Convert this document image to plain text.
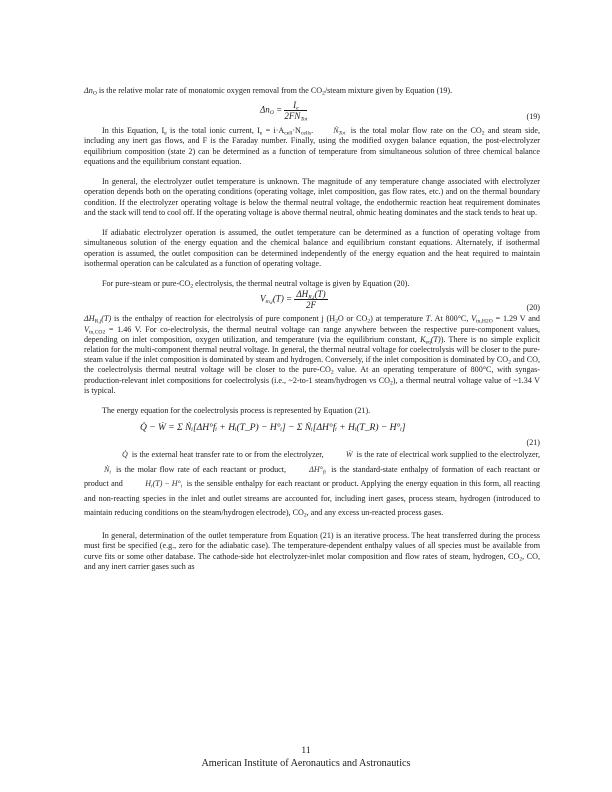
$\Delta n_O$ is the relative molar rate of monatomic oxygen removal from the $CO_2$/steam mixture given by Equation (19).

$\Delta n_O = \frac{I_e}{2FN_{Tot}}$	(19)

In this Equation, $I_e$ is the total ionic current, $I_e = i\cdot A_{cell}\cdot N_{cells}$.	Ṅ$_{Tot}$ is the total molar flow rate on the $CO_2$ and steam side, including any inert gas flows, and F is the Faraday number. Finally, using the modified oxygen balance equation, the post-electrolyzer equilibrium composition (state 2) can be determined as a function of temperature from simultaneous solution of three chemical balance equations and the equilibrium constant equation.

In general, the electrolyzer outlet temperature is unknown. The magnitude of any temperature change associated with electrolyzer operation depends both on the operating conditions (operating voltage, inlet composition, gas flow rates, etc.) and on the thermal boundary condition. If the electrolyzer operating voltage is below the thermal neutral voltage, the endothermic reaction heat requirement dominates and the stack will tend to cool off. If the operating voltage is above thermal neutral, ohmic heating dominates and the stack tends to heat up.

If adiabatic electrolyzer operation is assumed, the outlet temperature can be determined as a function of operating voltage from simultaneous solution of the energy equation and the chemical balance and equilibrium constant equations. Alternately, if isothermal operation is assumed, the outlet composition can be determined independently of the energy equation and the heat required to maintain isothermal operation can be calculated as a function of operating voltage.

For pure-steam or pure-$CO_2$ electrolysis, the thermal neutral voltage is given by Equation (20).

$V_{tn,j}(T) = \frac{\Delta H_{R,j}(T)}{2F}$	(20)

$\Delta H_{R,j}(T)$ is the enthalpy of reaction for electrolysis of pure component j ($H_2O$ or $CO_2$) at temperature T. At 800°C, $V_{tn,H2O} = 1.29$ V and $V_{tn,CO2} = 1.46$ V. For co-electrolysis, the thermal neutral voltage can range anywhere between the respective pure-component values, depending on inlet composition, oxygen utilization, and temperature (via the equilibrium constant, $K_{eq}(T)$). There is no simple explicit relation for the multi-component thermal neutral voltage. In general, the thermal neutral voltage for coelectrolysis will be closer to the pure-steam value if the inlet composition is dominated by steam and hydrogen. Conversely, if the inlet composition is dominated by $CO_2$ and CO, the coelectrolysis thermal neutral voltage will be closer to the pure-$CO_2$ value. At an operating temperature of 800°C, with syngas-production-relevant inlet compositions for coelectrolysis (i.e., ~2-to-1 steam/hydrogen vs $CO_2$), a thermal neutral voltage value of ~1.34 V is typical.

The energy equation for the coelectrolysis process is represented by Equation (21).

Q̇ − Ẇ = Σ Ṅᵢ[ΔH°fᵢ + Hᵢ(T_P) − H°ᵢ] − Σ Ṅᵢ[ΔH°fᵢ + Hᵢ(T_R) − H°ᵢ]
(21)

Q̇ is the external heat transfer rate to or from the electrolyzer,	Ẇ is the rate of electrical work supplied to the electrolyzer, Ṅ$_i$ is the molar flow rate of each reactant or product,	$\Delta H^\circ_{fi}$ is the standard-state enthalpy of formation of each reactant or product and	$H_i(T) - H^\circ_i$ is the sensible enthalpy for each reactant or product. Applying the energy equation in this form, all reacting and non-reacting species in the inlet and outlet streams are accounted for, including inert gases, process steam, hydrogen (introduced to maintain reducing conditions on the steam/hydrogen electrode), $CO_2$, and any excess un-reacted process gases.

In general, determination of the outlet temperature from Equation (21) is an iterative process. The heat transferred during the process must first be specified (e.g., zero for the adiabatic case). The temperature-dependent enthalpy values of all species must be available from curve fits or some other database. The cathode-side hot electrolyzer-inlet molar composition and flow rates of steam, hydrogen, $CO_2$, CO, and any inert carrier gases such as

11
American Institute of Aeronautics and Astronautics
